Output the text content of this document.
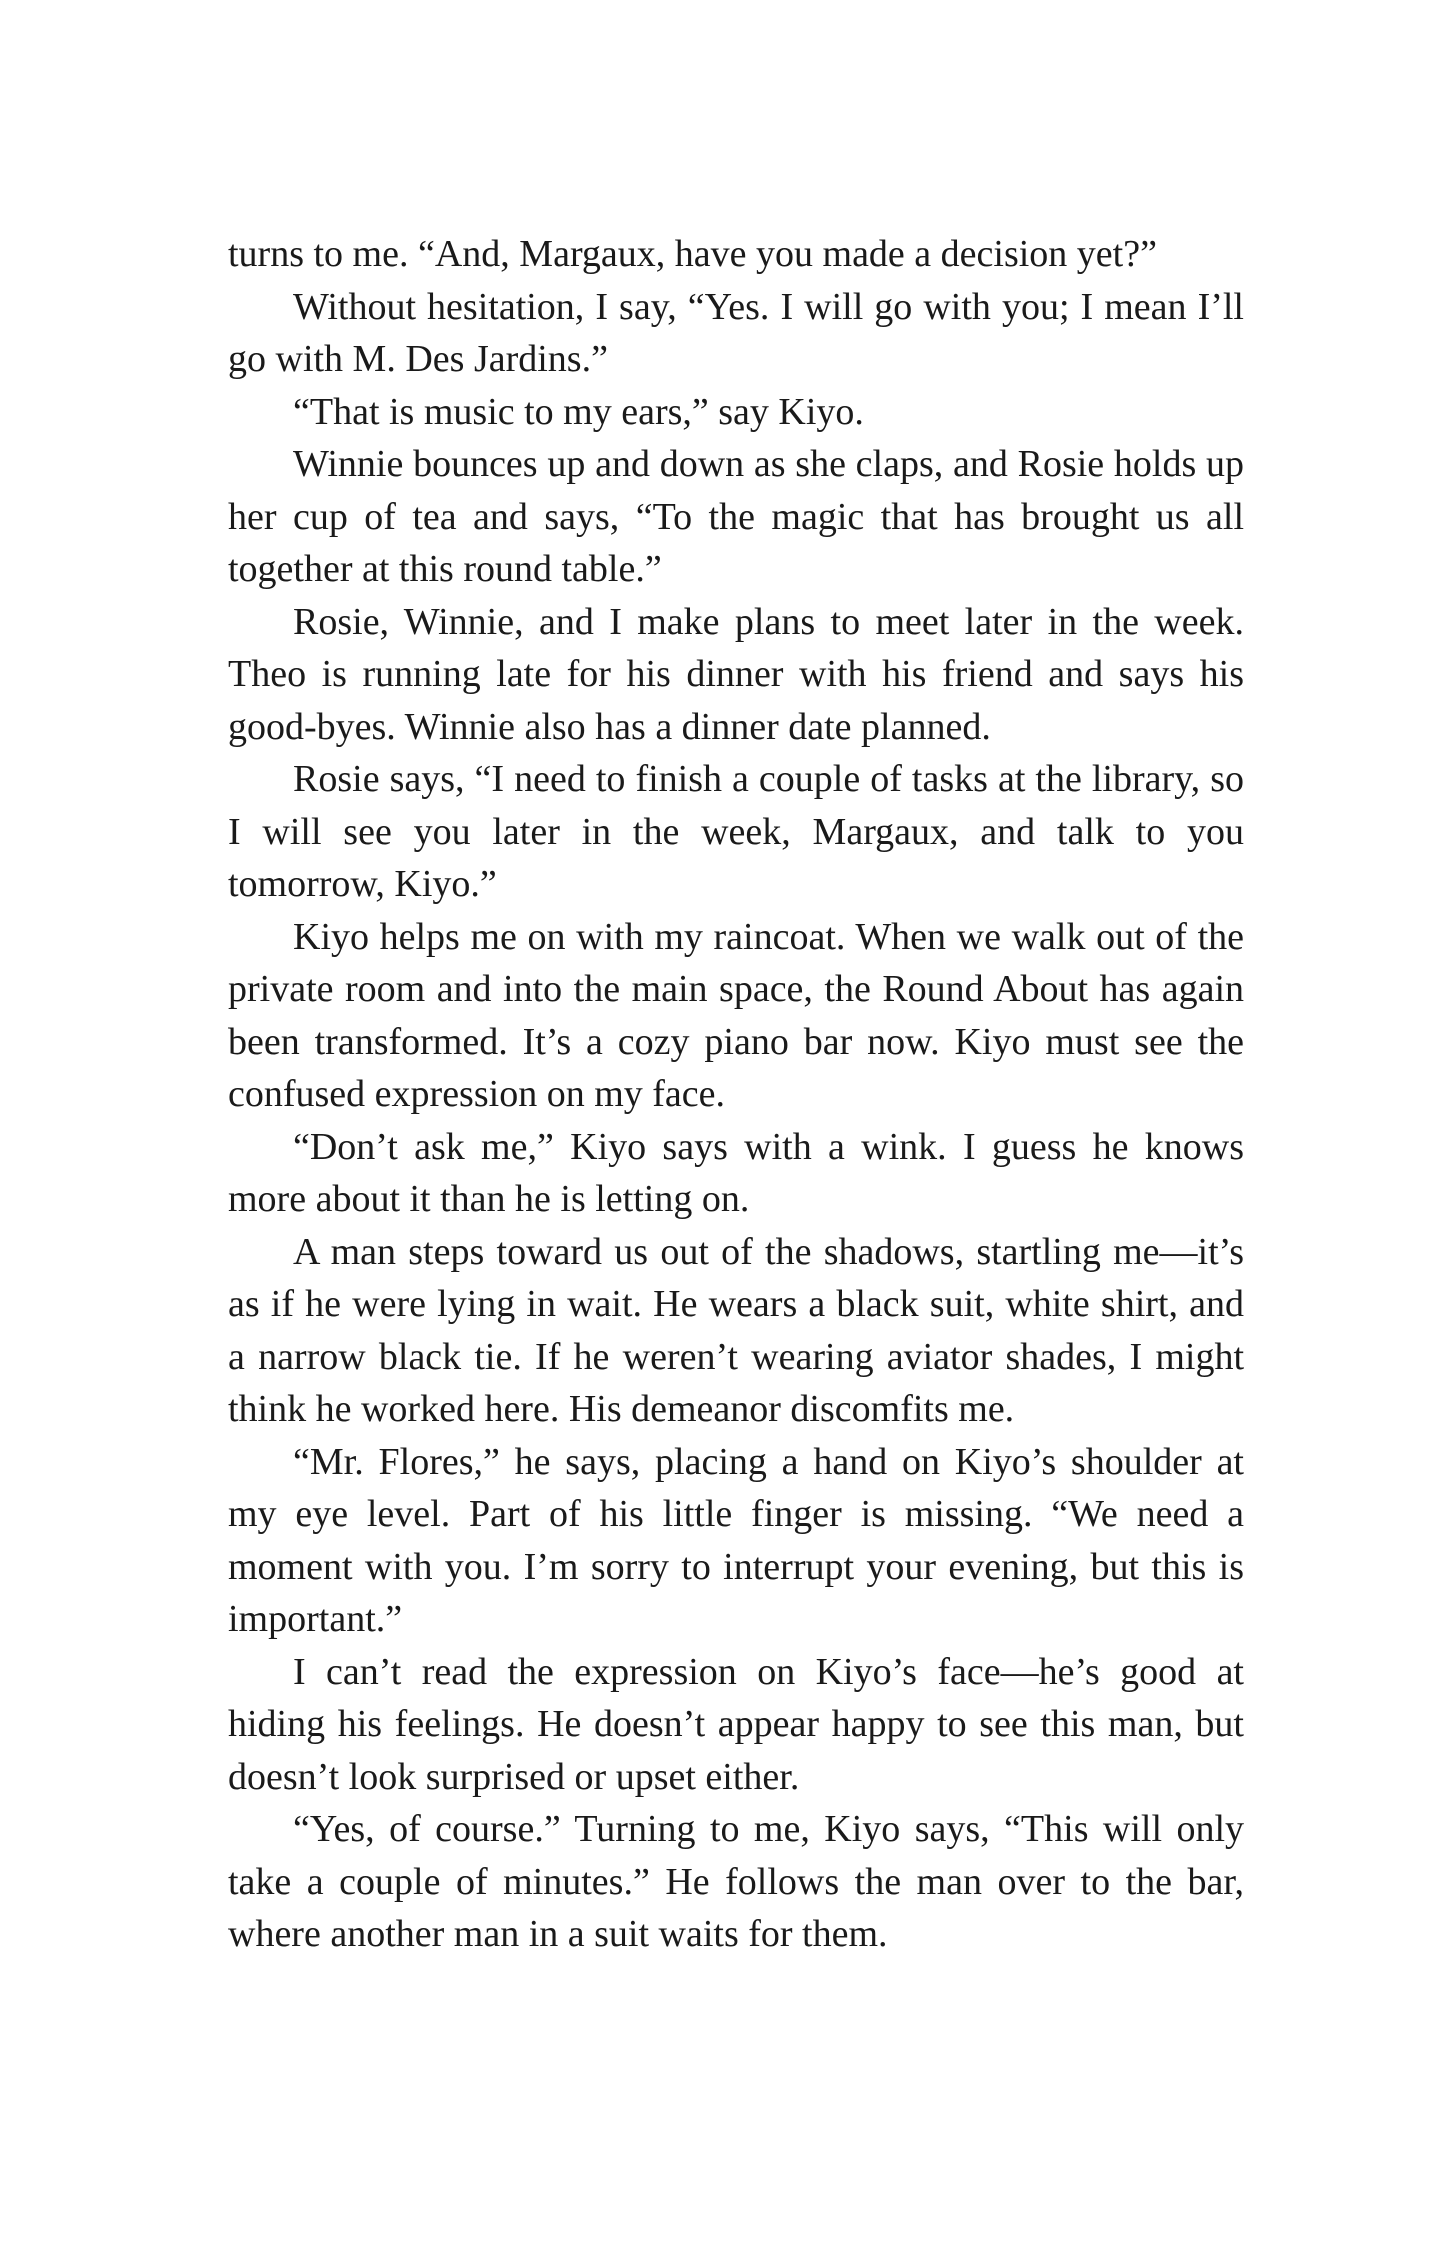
turns to me. “And, Margaux, have you made a decision yet?”

Without hesitation, I say, “Yes. I will go with you; I mean I’ll go with M. Des Jardins.”

“That is music to my ears,” say Kiyo.

Winnie bounces up and down as she claps, and Rosie holds up her cup of tea and says, “To the magic that has brought us all together at this round table.”

Rosie, Winnie, and I make plans to meet later in the week. Theo is running late for his dinner with his friend and says his good-byes. Winnie also has a dinner date planned.

Rosie says, “I need to finish a couple of tasks at the library, so I will see you later in the week, Margaux, and talk to you tomorrow, Kiyo.”

Kiyo helps me on with my raincoat. When we walk out of the private room and into the main space, the Round About has again been transformed. It’s a cozy piano bar now. Kiyo must see the confused expression on my face.

“Don’t ask me,” Kiyo says with a wink. I guess he knows more about it than he is letting on.

A man steps toward us out of the shadows, startling me—it’s as if he were lying in wait. He wears a black suit, white shirt, and a narrow black tie. If he weren’t wearing aviator shades, I might think he worked here. His demeanor discomfits me.

“Mr. Flores,” he says, placing a hand on Kiyo’s shoulder at my eye level. Part of his little finger is missing. “We need a moment with you. I’m sorry to interrupt your evening, but this is important.”

I can’t read the expression on Kiyo’s face—he’s good at hiding his feelings. He doesn’t appear happy to see this man, but doesn’t look surprised or upset either.

“Yes, of course.” Turning to me, Kiyo says, “This will only take a couple of minutes.” He follows the man over to the bar, where another man in a suit waits for them.
